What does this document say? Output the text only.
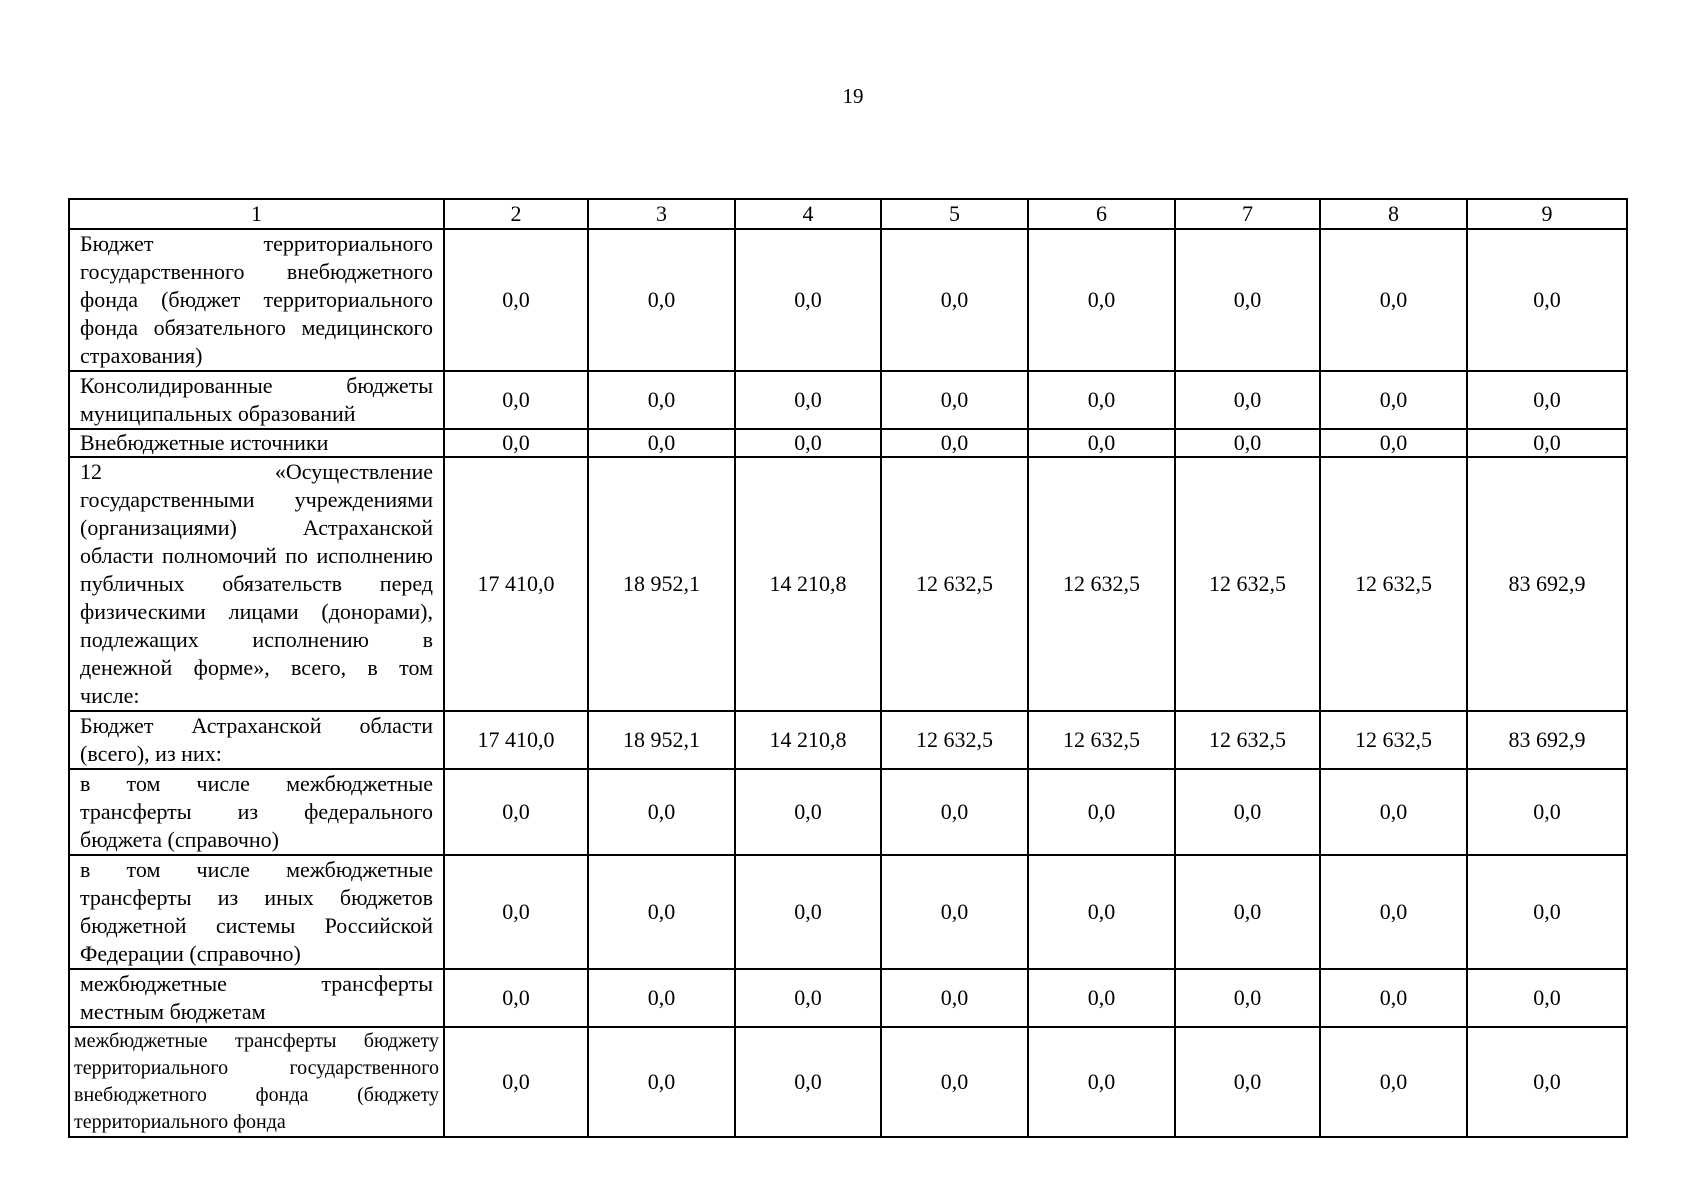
19
1	2	3	4	5	6	7	8	9
Бюджет территориального государственного внебюджетного фонда (бюджет территориального фонда обязательного медицинского страхования)	0,0	0,0	0,0	0,0	0,0	0,0	0,0	0,0
Консолидированные бюджеты муниципальных образований	0,0	0,0	0,0	0,0	0,0	0,0	0,0	0,0
Внебюджетные источники	0,0	0,0	0,0	0,0	0,0	0,0	0,0	0,0
12 «Осуществление государственными учреждениями (организациями) Астраханской области полномочий по исполнению публичных обязательств перед физическими лицами (донорами), подлежащих исполнению в денежной форме», всего, в том числе:	17 410,0	18 952,1	14 210,8	12 632,5	12 632,5	12 632,5	12 632,5	83 692,9
Бюджет Астраханской области (всего), из них:	17 410,0	18 952,1	14 210,8	12 632,5	12 632,5	12 632,5	12 632,5	83 692,9
в том числе межбюджетные трансферты из федерального бюджета (справочно)	0,0	0,0	0,0	0,0	0,0	0,0	0,0	0,0
в том числе межбюджетные трансферты из иных бюджетов бюджетной системы Российской Федерации (справочно)	0,0	0,0	0,0	0,0	0,0	0,0	0,0	0,0
межбюджетные трансферты местным бюджетам	0,0	0,0	0,0	0,0	0,0	0,0	0,0	0,0
межбюджетные трансферты бюджету территориального государственного внебюджетного фонда (бюджету территориального фонда	0,0	0,0	0,0	0,0	0,0	0,0	0,0	0,0
